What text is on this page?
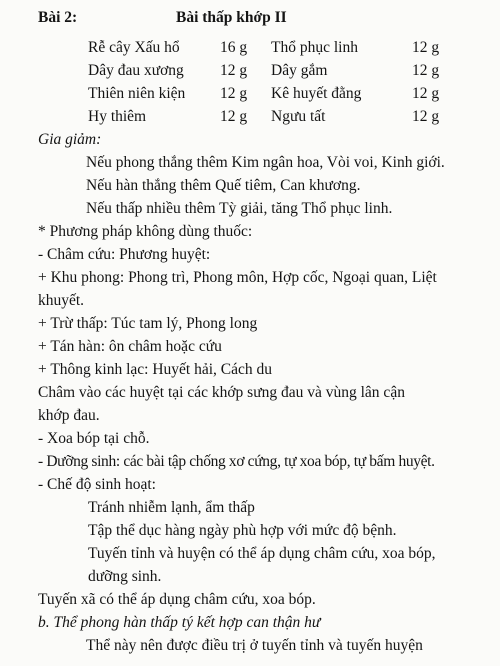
Bài 2:	Bài thấp khớp II
Rễ cây Xấu hổ	16 g Thổ phục linh	12 g
Dây đau xương 12 g Dây gắm	12 g
Thiên niên kiện 12 g Kê huyết đằng	12 g
Hy thiêm	12 g Ngưu tất	12 g
Gia giảm:
Nếu phong thắng thêm Kim ngân hoa, Vòi voi, Kinh giới.
Nếu hàn thắng thêm Quế tiêm, Can khương.
Nếu thấp nhiều thêm Tỳ giải, tăng Thổ phục linh.
* Phương pháp không dùng thuốc:
- Châm cứu: Phương huyệt:
+ Khu phong: Phong trì, Phong môn, Hợp cốc, Ngoại quan, Liệt
khuyết.
+ Trừ thấp: Túc tam lý, Phong long
+ Tán hàn: ôn châm hoặc cứu
+ Thông kinh lạc: Huyết hải, Cách du
Châm vào các huyệt tại các khớp sưng đau và vùng lân cận
khớp đau.
- Xoa bóp tại chỗ.
- Dưỡng sinh: các bài tập chống xơ cứng, tự xoa bóp, tự bấm huyệt.
- Chế độ sinh hoạt:
Tránh nhiễm lạnh, ẩm thấp
Tập thể dục hàng ngày phù hợp với mức độ bệnh.
Tuyến tỉnh và huyện có thể áp dụng châm cứu, xoa bóp,
dưỡng sinh.
Tuyến xã có thể áp dụng châm cứu, xoa bóp.
b. Thể phong hàn thấp tý kết hợp can thận hư
Thể này nên được điều trị ở tuyến tỉnh và tuyến huyện
